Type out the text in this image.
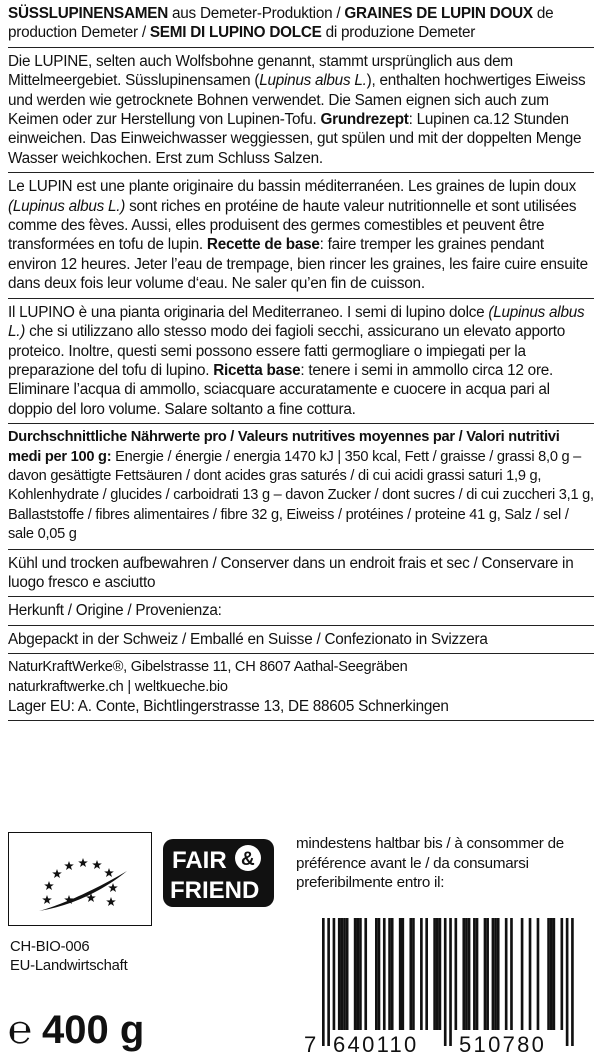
SÜSSLUPINENSAMEN aus Demeter-Produktion / GRAINES DE LUPIN DOUX de production Demeter / SEMI DI LUPINO DOLCE di produzione Demeter
Die LUPINE, selten auch Wolfsbohne genannt, stammt ursprünglich aus dem Mittelmeergebiet. Süsslupinensamen (Lupinus albus L.), enthalten hochwertiges Eiweiss und werden wie getrocknete Bohnen verwendet. Die Samen eignen sich auch zum Keimen oder zur Herstellung von Lupinen-Tofu. Grundrezept: Lupinen ca.12 Stunden einweichen. Das Einweichwasser weggiessen, gut spülen und mit der doppelten Menge Wasser weichkochen. Erst zum Schluss Salzen.
Le LUPIN est une plante originaire du bassin méditerranéen. Les graines de lupin doux (Lupinus albus L.) sont riches en protéine de haute valeur nutritionnelle et sont utilisées comme des fèves. Aussi, elles produisent des germes comestibles et peuvent être transformées en tofu de lupin. Recette de base: faire tremper les graines pendant environ 12 heures. Jeter l’eau de trempage, bien rincer les graines, les faire cuire ensuite dans deux fois leur volume d‘eau. Ne saler qu’en fin de cuisson.
Il LUPINO è una pianta originaria del Mediterraneo. I semi di lupino dolce (Lupinus albus L.) che si utilizzano allo stesso modo dei fagioli secchi, assicurano un elevato apporto proteico. Inoltre, questi semi possono essere fatti germogliare o impiegati per la preparazione del tofu di lupino. Ricetta base: tenere i semi in ammollo circa 12 ore. Eliminare l’acqua di ammollo, sciacquare accuratamente e cuocere in acqua pari al doppio del loro volume. Salare soltanto a fine cottura.
Durchschnittliche Nährwerte pro / Valeurs nutritives moyennes par / Valori nutritivi medi per 100 g: Energie / énergie / energia 1470 kJ | 350 kcal, Fett / graisse / grassi 8,0 g – davon gesättigte Fettsäuren / dont acides gras saturés / di cui acidi grassi saturi 1,9 g, Kohlenhydrate / glucides / carboidrati 13 g – davon Zucker / dont sucres / di cui zuccheri 3,1 g, Ballaststoffe / fibres alimentaires / fibre 32 g, Eiweiss / protéines / proteine 41 g, Salz / sel / sale 0,05 g
Kühl und trocken aufbewahren / Conserver dans un endroit frais et sec / Conservare in luogo fresco e asciutto
Herkunft / Origine / Provenienza:
Abgepackt in der Schweiz / Emballé en Suisse / Confezionato in Svizzera
NaturKraftWerke®, Gibelstrasse 11, CH 8607 Aathal-Seegräben
naturkraftwerke.ch | weltkueche.bio
Lager EU: A. Conte, Bichtlingerstrasse 13, DE 88605 Schnerkingen
CH-BIO-006
EU-Landwirtschaft
FAIR &
FRIEND
mindestens haltbar bis / à consommer de préférence avant le / da consumarsi preferibilmente entro il:
℮ 400 g	7 640110 510780
